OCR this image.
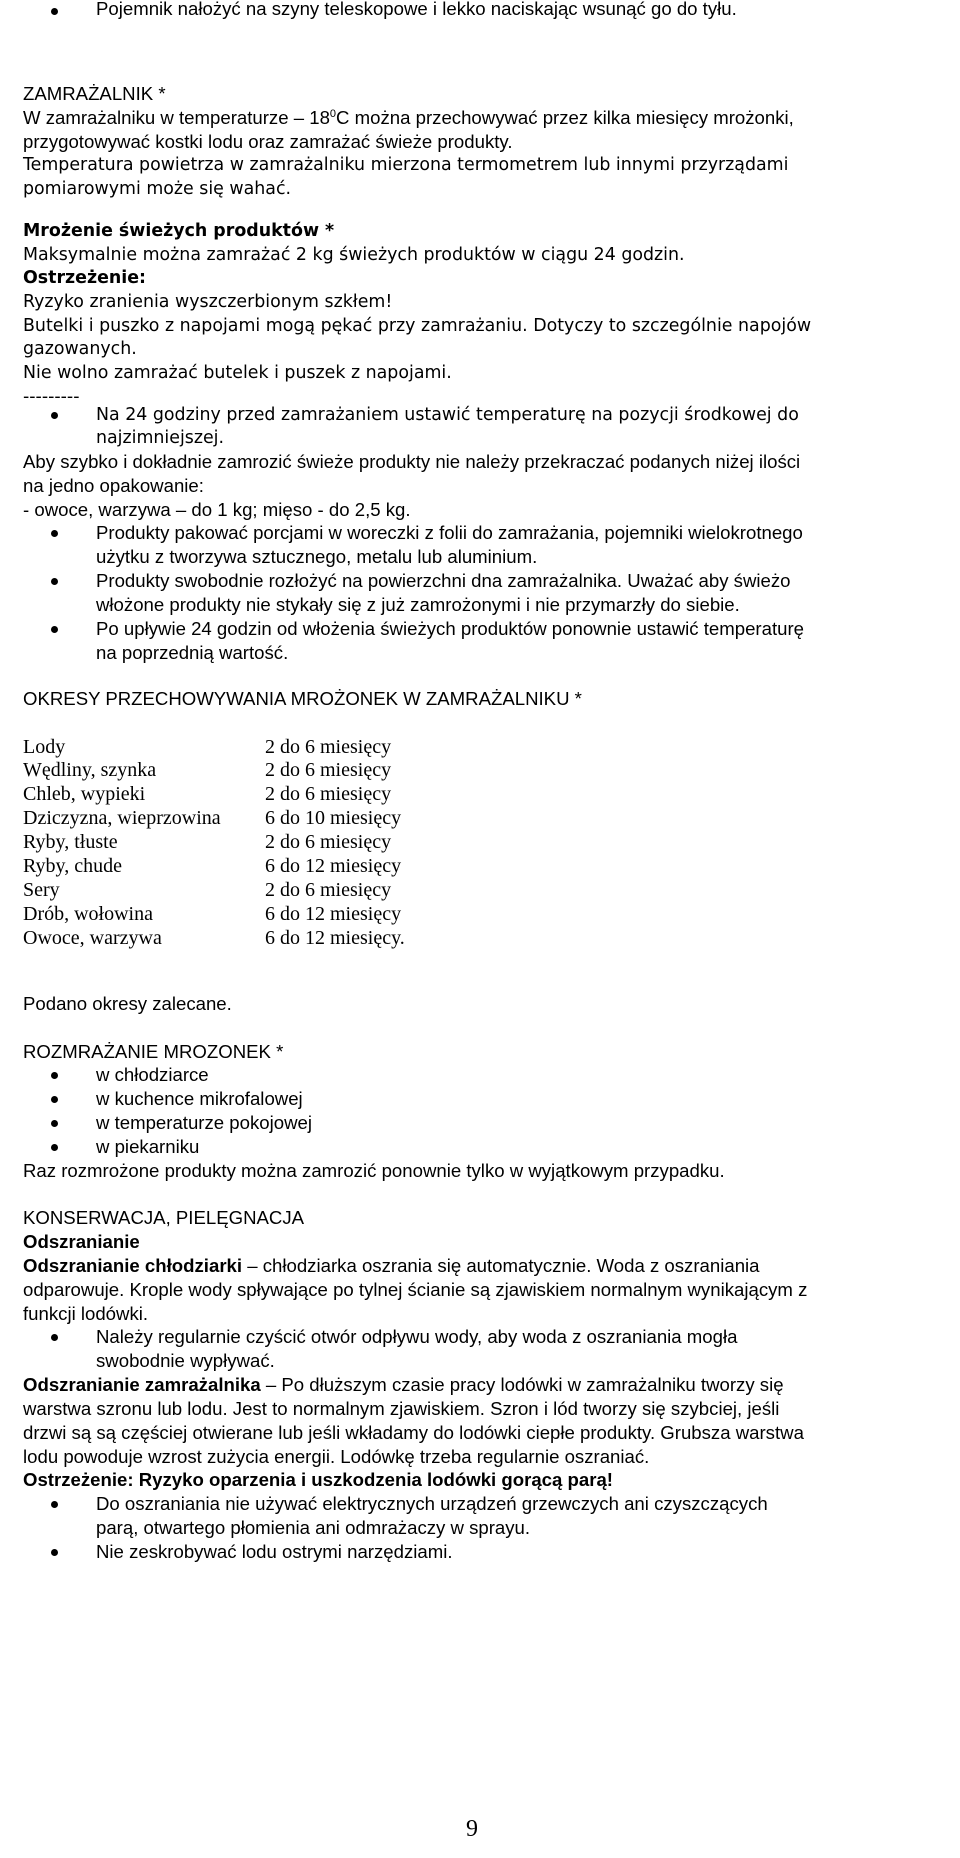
Pojemnik nałożyć na szyny teleskopowe i lekko naciskając wsunąć go do tyłu.
ZAMRAŻALNIK *
W zamrażalniku w temperaturze – $18^0C$ można przechowywać przez kilka miesięcy mrożonki,
przygotowywać kostki lodu oraz zamrażać świeże produkty.
Temperatura powietrza w zamrażalniku mierzona termometrem lub innymi przyrządami
pomiarowymi może się wahać.
Mrożenie świeżych produktów *
Maksymalnie można zamrażać 2 kg świeżych produktów w ciągu 24 godzin.
Ostrzeżenie:
Ryzyko zranienia wyszczerbionym szkłem!
Butelki i puszko z napojami mogą pękać przy zamrażaniu. Dotyczy to szczególnie napojów
gazowanych.
Nie wolno zamrażać butelek i puszek z napojami.
---------
Na 24 godziny przed zamrażaniem ustawić temperaturę na pozycji środkowej do
najzimniejszej.
Aby szybko i dokładnie zamrozić świeże produkty nie należy przekraczać podanych niżej ilości
na jedno opakowanie:
- owoce, warzywa – do 1 kg; mięso - do 2,5 kg.
Produkty pakować porcjami w woreczki z folii do zamrażania, pojemniki wielokrotnego
użytku z tworzywa sztucznego, metalu lub aluminium.
Produkty swobodnie rozłożyć na powierzchni dna zamrażalnika. Uważać aby świeżo
włożone produkty nie stykały się z już zamrożonymi i nie przymarzły do siebie.
Po upływie 24 godzin od włożenia świeżych produktów ponownie ustawić temperaturę
na poprzednią wartość.
OKRESY PRZECHOWYWANIA MROŻONEK W ZAMRAŻALNIKU *
Lody	2 do 6 miesięcy
Wędliny, szynka	2 do 6 miesięcy
Chleb, wypieki	2 do 6 miesięcy
Dziczyzna, wieprzowina 6 do 10 miesięcy
Ryby, tłuste	2 do 6 miesięcy
Ryby, chude	6 do 12 miesięcy
Sery	2 do 6 miesięcy
Drób, wołowina	6 do 12 miesięcy
Owoce, warzywa	6 do 12 miesięcy.
Podano okresy zalecane.
ROZMRAŻANIE MROZONEK *
w chłodziarce
w kuchence mikrofalowej
w temperaturze pokojowej
w piekarniku
Raz rozmrożone produkty można zamrozić ponownie tylko w wyjątkowym przypadku.
KONSERWACJA, PIELĘGNACJA
Odszranianie
Odszranianie chłodziarki – chłodziarka oszrania się automatycznie. Woda z oszraniania
odparowuje. Krople wody spływające po tylnej ścianie są zjawiskiem normalnym wynikającym z
funkcji lodówki.
Należy regularnie czyścić otwór odpływu wody, aby woda z oszraniania mogła
swobodnie wypływać.
Odszranianie zamrażalnika – Po dłuższym czasie pracy lodówki w zamrażalniku tworzy się
warstwa szronu lub lodu. Jest to normalnym zjawiskiem. Szron i lód tworzy się szybciej, jeśli
drzwi są są częściej otwierane lub jeśli wkładamy do lodówki ciepłe produkty. Grubsza warstwa
lodu powoduje wzrost zużycia energii. Lodówkę trzeba regularnie oszraniać.
Ostrzeżenie: Ryzyko oparzenia i uszkodzenia lodówki gorącą parą!
Do oszraniania nie używać elektrycznych urządzeń grzewczych ani czyszczących
parą, otwartego płomienia ani odmrażaczy w sprayu.
Nie zeskrobywać lodu ostrymi narzędziami.
9
